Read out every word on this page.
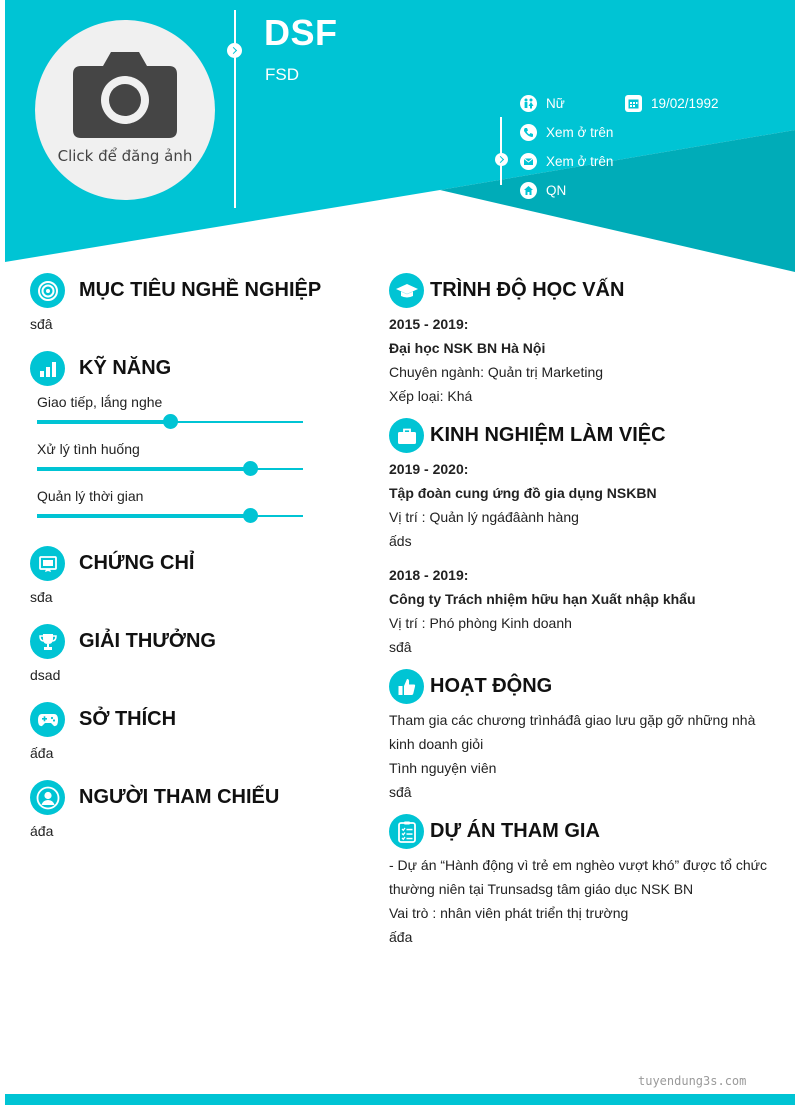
Click để đăng ảnh
DSF
FSD
Nữ	19/02/1992
Xem ở trên
Xem ở trên
QN
MỤC TIÊU NGHỀ NGHIỆP
sđâ
KỸ NĂNG
Giao tiếp, lắng nghe
Xử lý tình huống
Quản lý thời gian
CHỨNG CHỈ
sđa
GIẢI THƯỞNG
dsad
SỞ THÍCH
ấđa
NGƯỜI THAM CHIẾU
áđa
TRÌNH ĐỘ HỌC VẤN
2015 - 2019:
Đại học NSK BN Hà Nội
Chuyên ngành: Quản trị Marketing
Xếp loại: Khá
KINH NGHIỆM LÀM VIỆC
2019 - 2020:
Tập đoàn cung ứng đồ gia dụng NSKBN
Vị trí : Quản lý ngáđâành hàng
ấds
2018 - 2019:
Công ty Trách nhiệm hữu hạn Xuất nhập khẩu
Vị trí : Phó phòng Kinh doanh
sđâ
HOẠT ĐỘNG
Tham gia các chương trìnháđâ giao lưu gặp gỡ những nhà
kinh doanh giỏi
Tình nguyện viên
sđâ
DỰ ÁN THAM GIA
- Dự án “Hành động vì trẻ em nghèo vượt khó” được tổ chức
thường niên tại Trunsadsg tâm giáo dục NSK BN
Vai trò : nhân viên phát triển thị trường
ấđa
tuyendung3s.com
